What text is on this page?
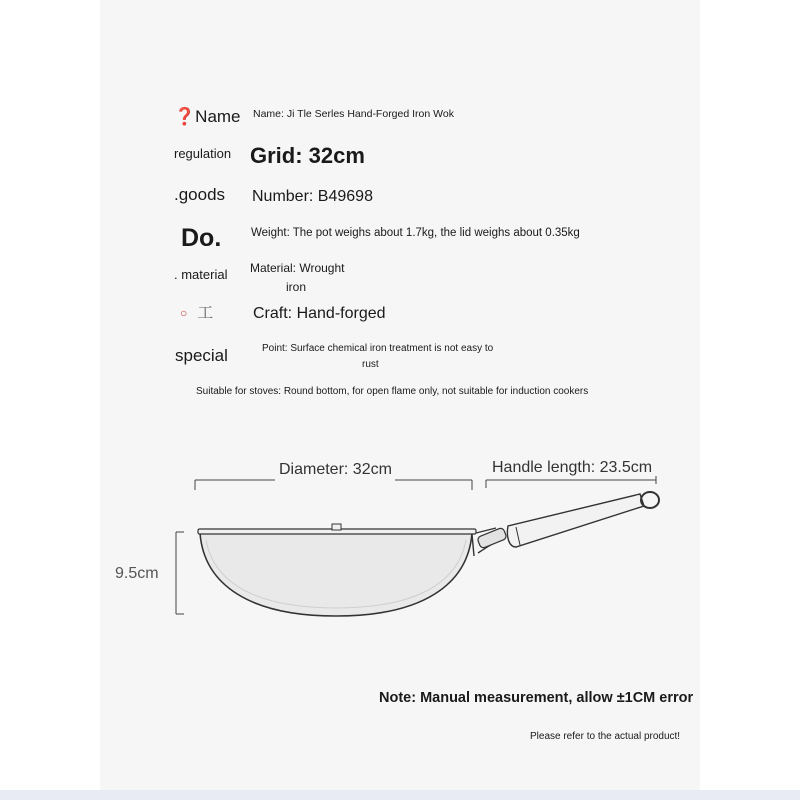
❓Name
regulation
.goods
Do.
. material
○ 工
special
Name: Ji Tle Serles Hand-Forged Iron Wok
Grid: 32cm
Number: B49698
Weight: The pot weighs about 1.7kg, the lid weighs about 0.35kg
Material: Wrought
iron
Craft: Hand-forged
Point: Surface chemical iron treatment is not easy to
rust
Suitable for stoves: Round bottom, for open flame only, not suitable for induction cookers
Diameter: 32cm	Handle length: 23.5cm
9.5cm
Note: Manual measurement, allow ±1CM error
Please refer to the actual product!
